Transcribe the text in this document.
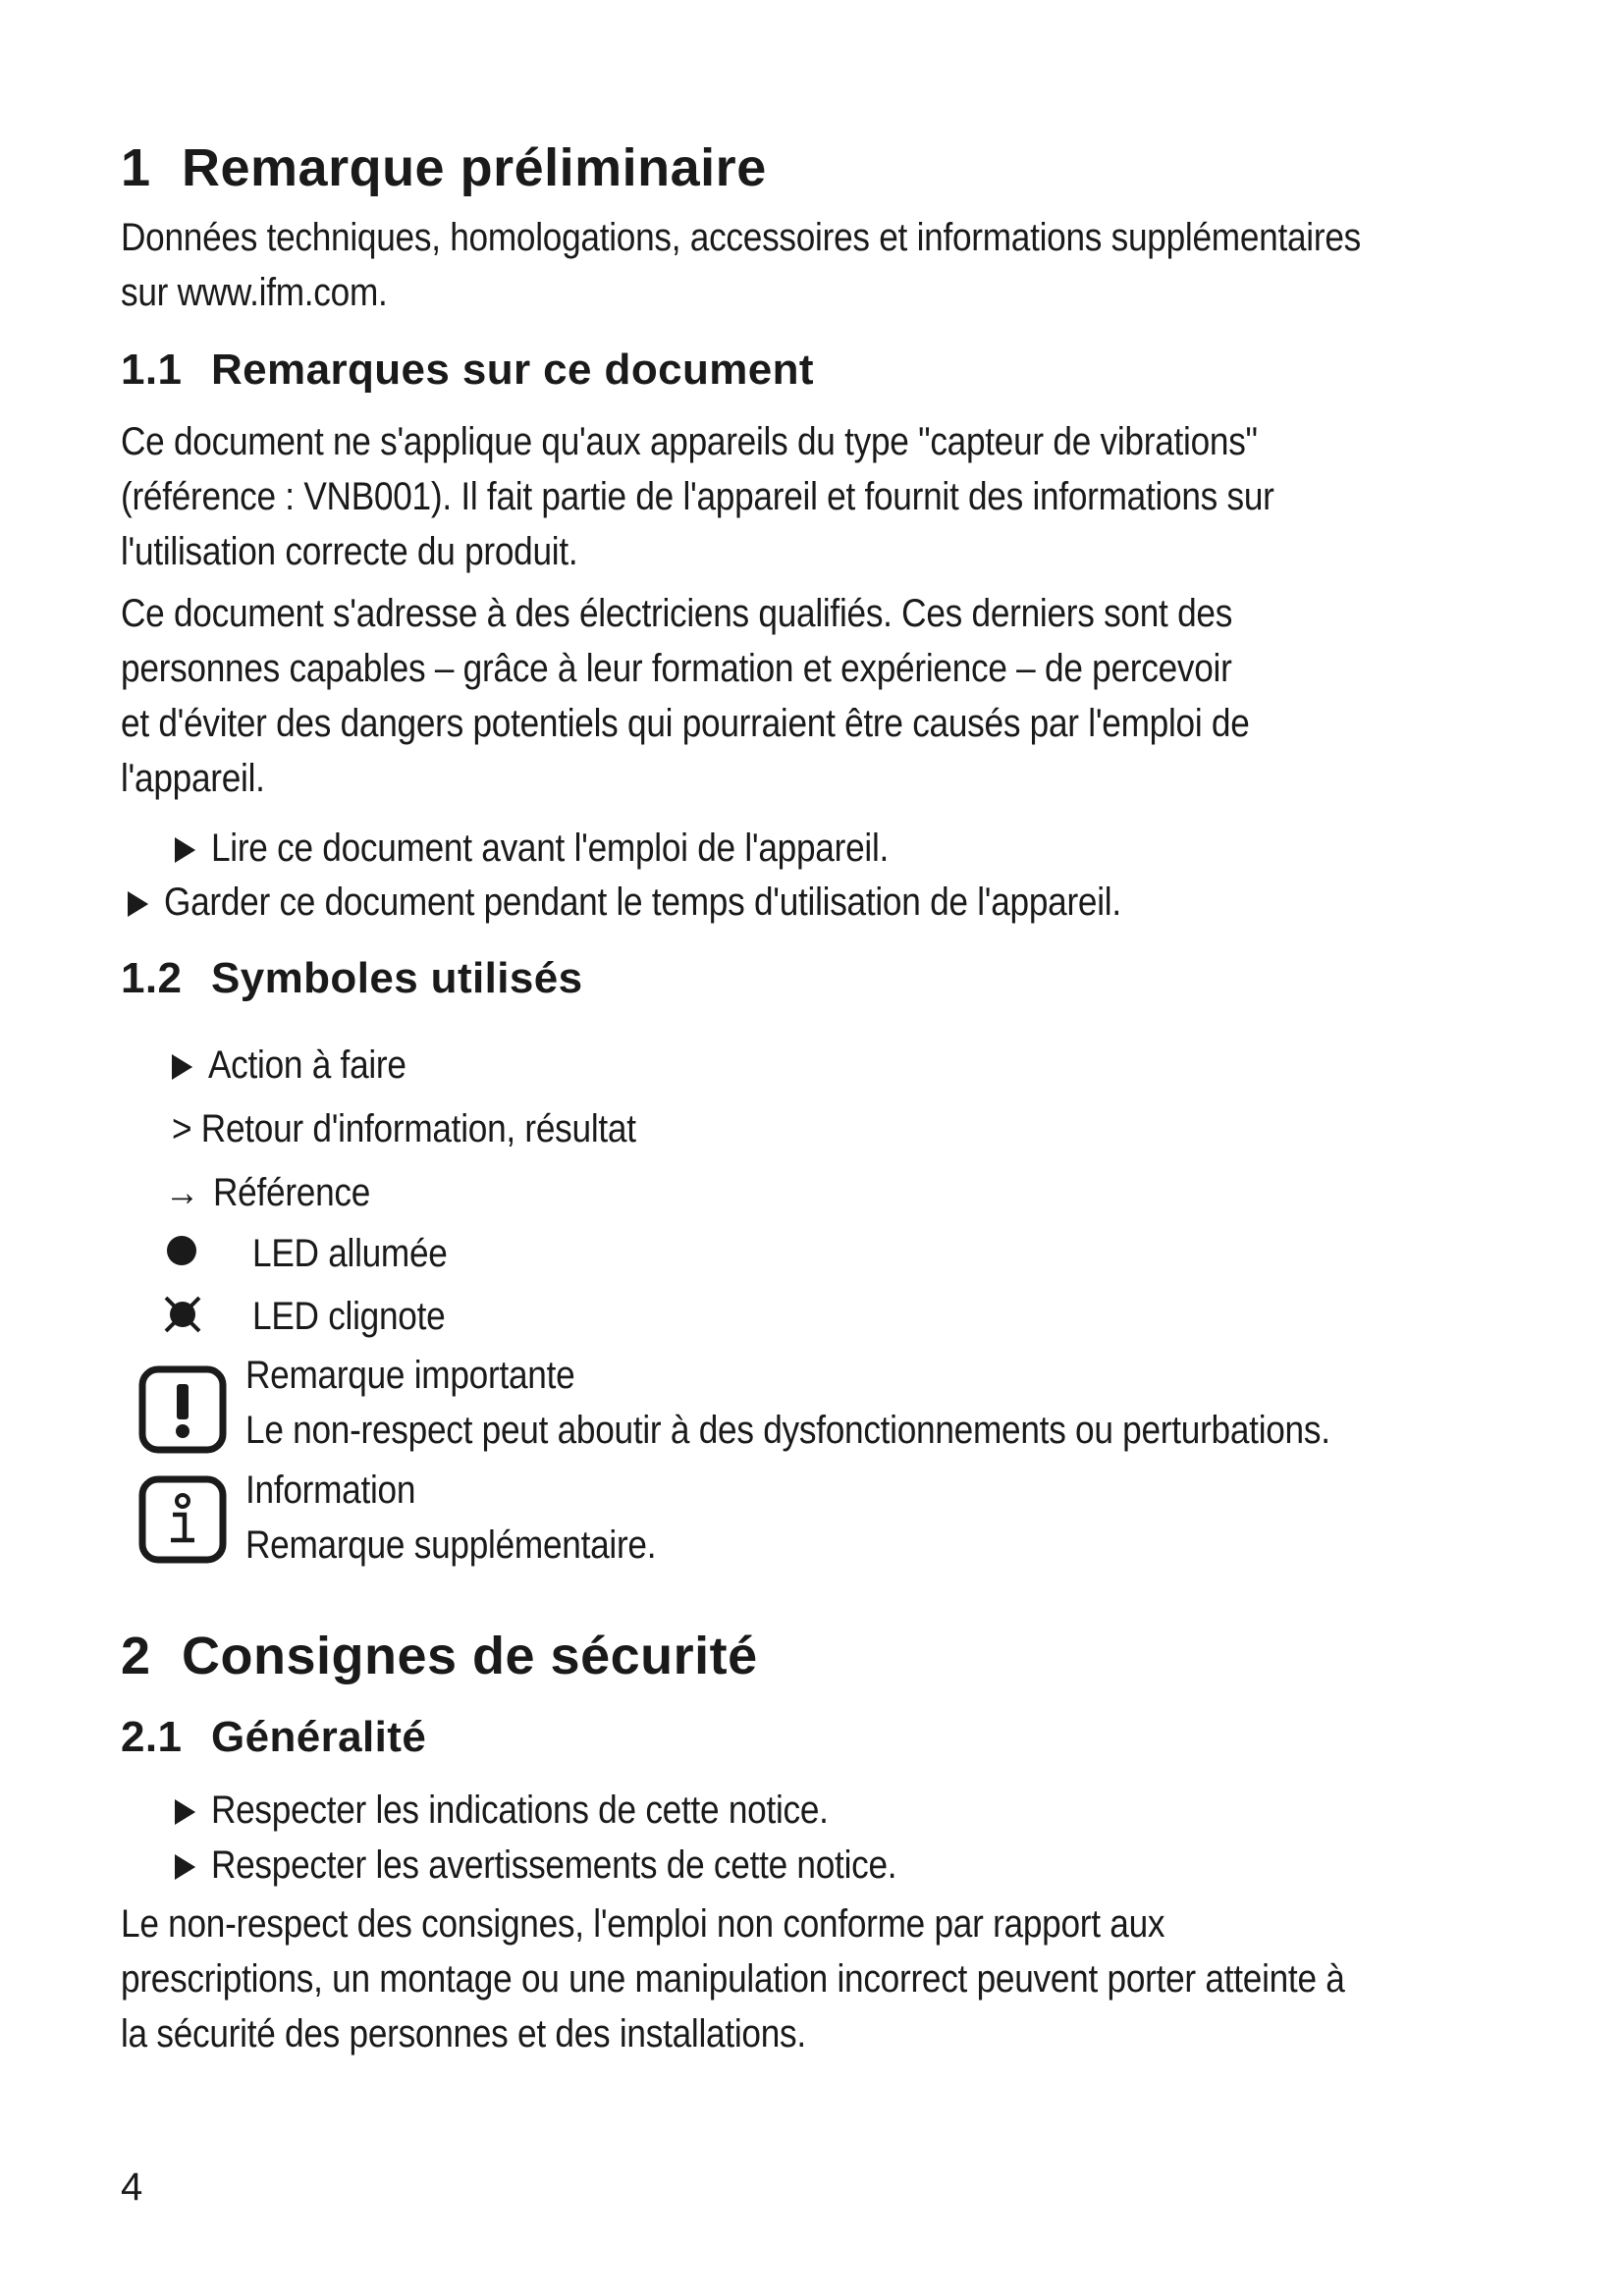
1 Remarque préliminaire
Données techniques, homologations, accessoires et informations supplémentaires
sur www.ifm.com.
1.1 Remarques sur ce document
Ce document ne s'applique qu'aux appareils du type "capteur de vibrations"
(référence : VNB001). Il fait partie de l'appareil et fournit des informations sur
l'utilisation correcte du produit.
Ce document s'adresse à des électriciens qualifiés. Ces derniers sont des
personnes capables – grâce à leur formation et expérience – de percevoir
et d'éviter des dangers potentiels qui pourraient être causés par l'emploi de
l'appareil.
Lire ce document avant l'emploi de l'appareil.
Garder ce document pendant le temps d'utilisation de l'appareil.
1.2 Symboles utilisés
Action à faire
> Retour d'information, résultat
→ Référence
LED allumée
LED clignote
Remarque importante
Le non-respect peut aboutir à des dysfonctionnements ou perturbations.
Information
Remarque supplémentaire.
2 Consignes de sécurité
2.1 Généralité
Respecter les indications de cette notice.
Respecter les avertissements de cette notice.
Le non-respect des consignes, l'emploi non conforme par rapport aux
prescriptions, un montage ou une manipulation incorrect peuvent porter atteinte à
la sécurité des personnes et des installations.
4
